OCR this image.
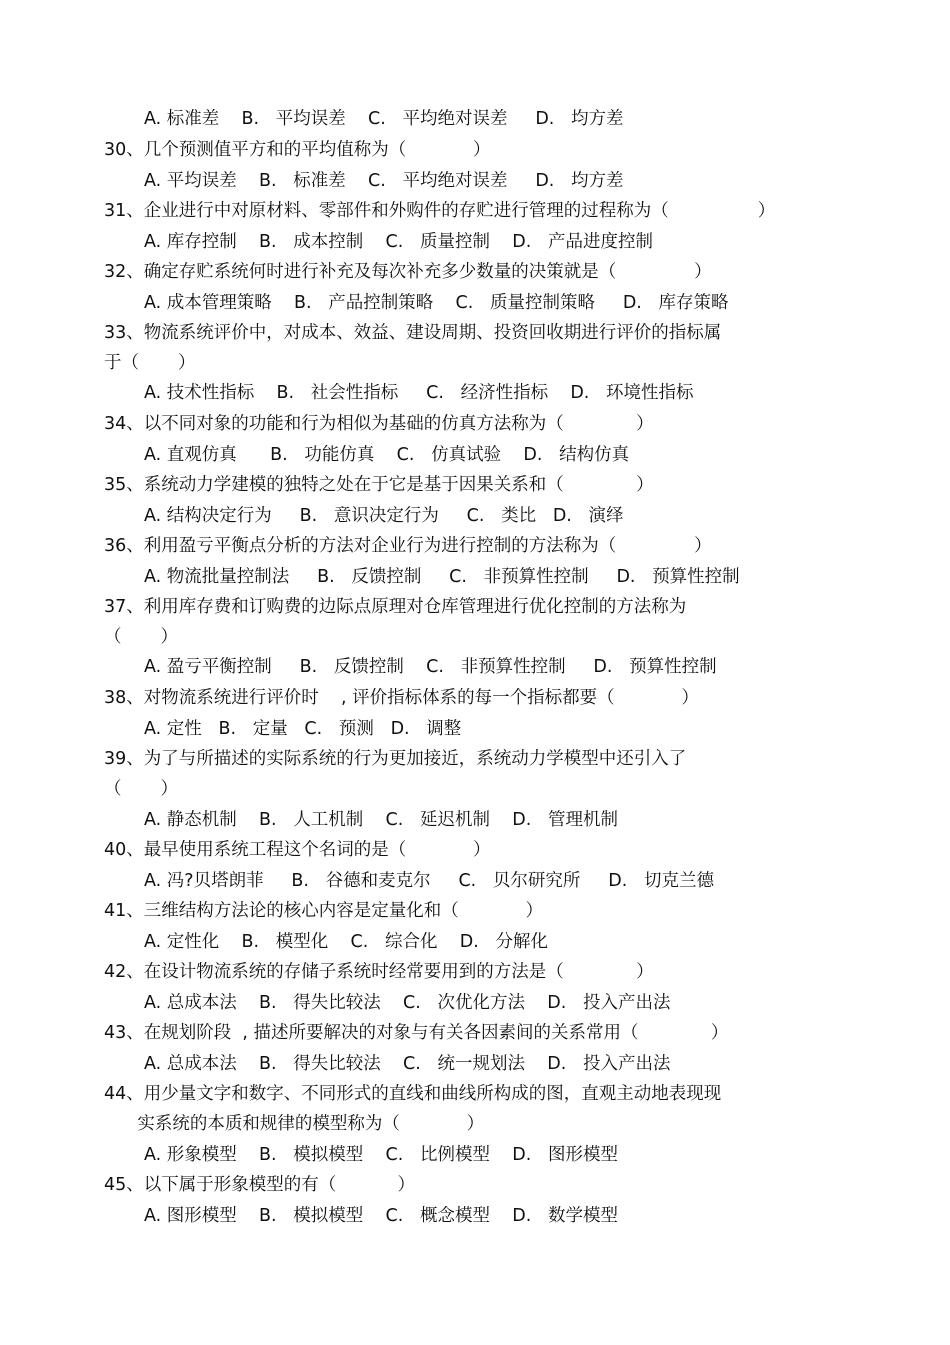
A. 标准差    B.   平均误差    C.   平均绝对误差     D.   均方差
30、几个预测值平方和的平均值称为（            ）
A. 平均误差    B.   标准差    C.   平均绝对误差     D.   均方差
31、企业进行中对原材料、零部件和外购件的存贮进行管理的过程称为（                ）
A. 库存控制    B.   成本控制    C.   质量控制    D.   产品进度控制
32、确定存贮系统何时进行补充及每次补充多少数量的决策就是（              ）
A. 成本管理策略    B.   产品控制策略    C.   质量控制策略     D.   库存策略
33、物流系统评价中，对成本、效益、建设周期、投资回收期进行评价的指标属
于（       ）
A. 技术性指标    B.   社会性指标     C.   经济性指标    D.   环境性指标
34、以不同对象的功能和行为相似为基础的仿真方法称为（             ）
A. 直观仿真      B.   功能仿真    C.   仿真试验    D.   结构仿真
35、系统动力学建模的独特之处在于它是基于因果关系和（             ）
A. 结构决定行为     B.   意识决定行为     C.   类比   D.   演绎
36、利用盈亏平衡点分析的方法对企业行为进行控制的方法称为（              ）
A. 物流批量控制法     B.   反馈控制     C.   非预算性控制     D.   预算性控制
37、利用库存费和订购费的边际点原理对仓库管理进行优化控制的方法称为
（       ）
A. 盈亏平衡控制     B.   反馈控制    C.   非预算性控制     D.   预算性控制
38、对物流系统进行评价时    , 评价指标体系的每一个指标都要（            ）
A. 定性   B.   定量   C.   预测   D.   调整
39、为了与所描述的实际系统的行为更加接近，系统动力学模型中还引入了
（       ）
A. 静态机制    B.   人工机制    C.   延迟机制    D.   管理机制
40、最早使用系统工程这个名词的是（            ）
A. 冯?贝塔朗菲     B.   谷德和麦克尔     C.   贝尔研究所     D.   切克兰德
41、三维结构方法论的核心内容是定量化和（            ）
A. 定性化    B.   模型化    C.   综合化    D.   分解化
42、在设计物流系统的存储子系统时经常要用到的方法是（             ）
A. 总成本法    B.   得失比较法    C.   次优化方法    D.   投入产出法
43、在规划阶段  , 描述所要解决的对象与有关各因素间的关系常用（             ）
A. 总成本法    B.   得失比较法    C.   统一规划法    D.   投入产出法
44、用少量文字和数字、不同形式的直线和曲线所构成的图，直观主动地表现现
实系统的本质和规律的模型称为（            ）
A. 形象模型    B.   模拟模型    C.   比例模型    D.   图形模型
45、以下属于形象模型的有（           ）
A. 图形模型    B.   模拟模型    C.   概念模型    D.   数学模型
